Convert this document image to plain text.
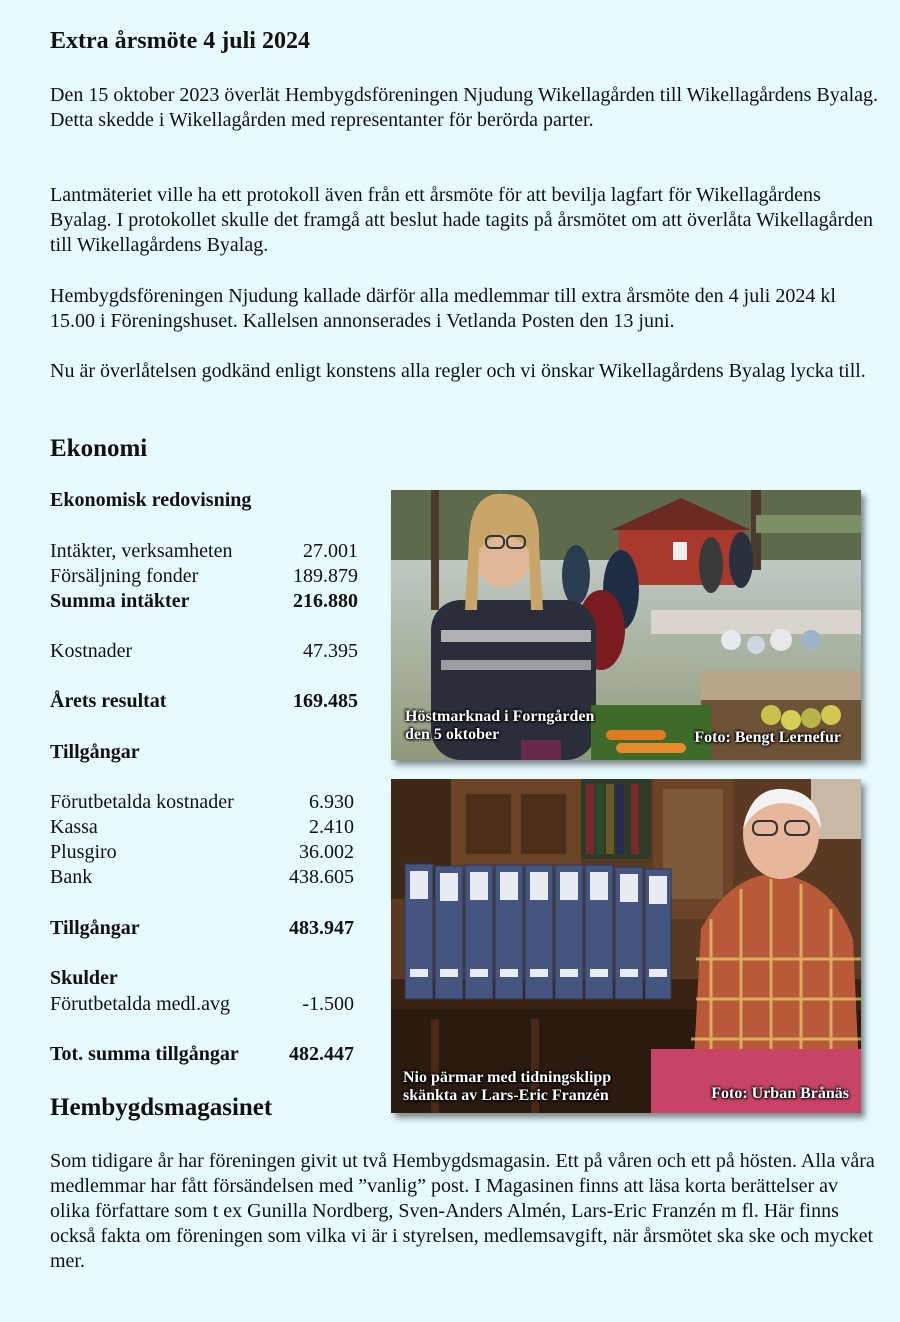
Extra årsmöte 4 juli 2024

Den 15 oktober 2023 överlät Hembygdsföreningen Njudung Wikellagården till Wikellagårdens Byalag. Detta skedde i Wikellagården med representanter för berörda parter.

Lantmäteriet ville ha ett protokoll även från ett årsmöte för att bevilja lagfart för Wikellagårdens Byalag. I protokollet skulle det framgå att beslut hade tagits på årsmötet om att överlåta Wikellagården till Wikellagårdens Byalag.

Hembygdsföreningen Njudung kallade därför alla medlemmar till extra årsmöte den 4 juli 2024 kl 15.00 i Föreningshuset. Kallelsen annonserades i Vetlanda Posten den 13 juni.

Nu är överlåtelsen godkänd enligt konstens alla regler och vi önskar Wikellagårdens Byalag lycka till.

Ekonomi
Ekonomisk redovisning
Intäkter, verksamheten	27.001
Försäljning fonder	189.879
Summa intäkter	216.880
Kostnader	47.395
Årets resultat	169.485
Tillgångar
Förutbetalda kostnader	6.930
Kassa	2.410
Plusgiro	36.002
Bank	438.605
Tillgångar	483.947
Skulder
Förutbetalda medl.avg	-1.500
Tot. summa tillgångar	482.447
Höstmarknad i Forngården
den 5 oktober	Foto: Bengt Lernefur
Nio pärmar med tidningsklipp
skänkta av Lars-Eric Franzén	Foto: Urban Brånäs
Hembygdsmagasinet

Som tidigare år har föreningen givit ut två Hembygdsmagasin. Ett på våren och ett på hösten. Alla våra medlemmar har fått försändelsen med ”vanlig” post. I Magasinen finns att läsa korta berättelser av olika författare som t ex Gunilla Nordberg, Sven-Anders Almén, Lars-Eric Franzén m fl. Här finns också fakta om föreningen som vilka vi är i styrelsen, medlemsavgift, när årsmötet ska ske och mycket mer.
